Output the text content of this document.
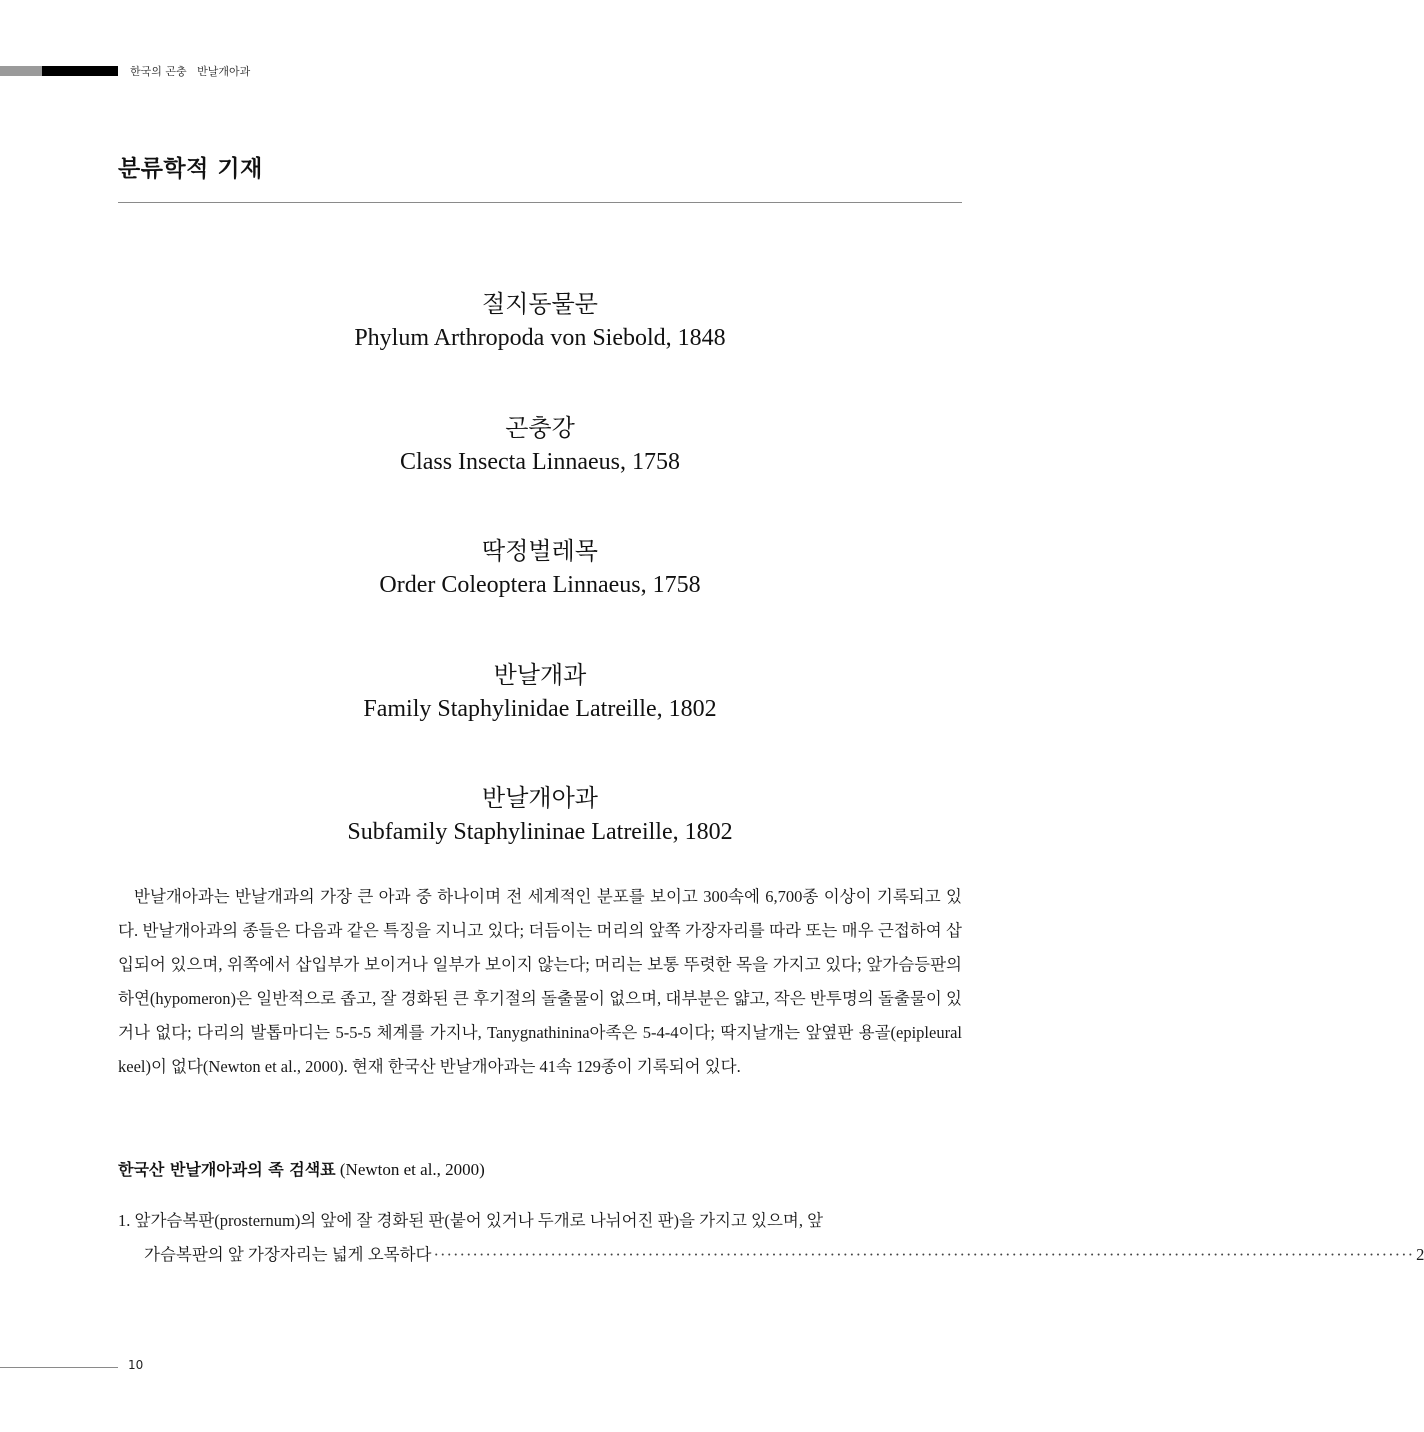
한국의 곤충   반날개아과
분류학적 기재
절지동물문
Phylum Arthropoda von Siebold, 1848
곤충강
Class Insecta Linnaeus, 1758
딱정벌레목
Order Coleoptera Linnaeus, 1758
반날개과
Family Staphylinidae Latreille, 1802
반날개아과
Subfamily Staphylininae Latreille, 1802

반날개아과는 반날개과의 가장 큰 아과 중 하나이며 전 세계적인 분포를 보이고 300속에 6,700종 이상이 기록되고 있다. 반날개아과의 종들은 다음과 같은 특징을 지니고 있다; 더듬이는 머리의 앞쪽 가장자리를 따라 또는 매우 근접하여 삽입되어 있으며, 위쪽에서 삽입부가 보이거나 일부가 보이지 않는다; 머리는 보통 뚜렷한 목을 가지고 있다; 앞가슴등판의 하연(hypomeron)은 일반적으로 좁고, 잘 경화된 큰 후기절의 돌출물이 없으며, 대부분은 얇고, 작은 반투명의 돌출물이 있거나 없다; 다리의 발톱마디는 5-5-5 체계를 가지나, Tanygnathinina아족은 5-4-4이다; 딱지날개는 앞옆판 용골(epipleural keel)이 없다(Newton et al., 2000). 현재 한국산 반날개아과는 41속 129종이 기록되어 있다.

한국산 반날개아과의 족 검색표 (Newton et al., 2000)
1. 앞가슴복판(prosternum)의 앞에 잘 경화된 판(붙어 있거나 두개로 나뉘어진 판)을 가지고 있으며, 앞
가슴복판의 앞 가장자리는 넓게 오목하다 ······················································································································································· 2
10
